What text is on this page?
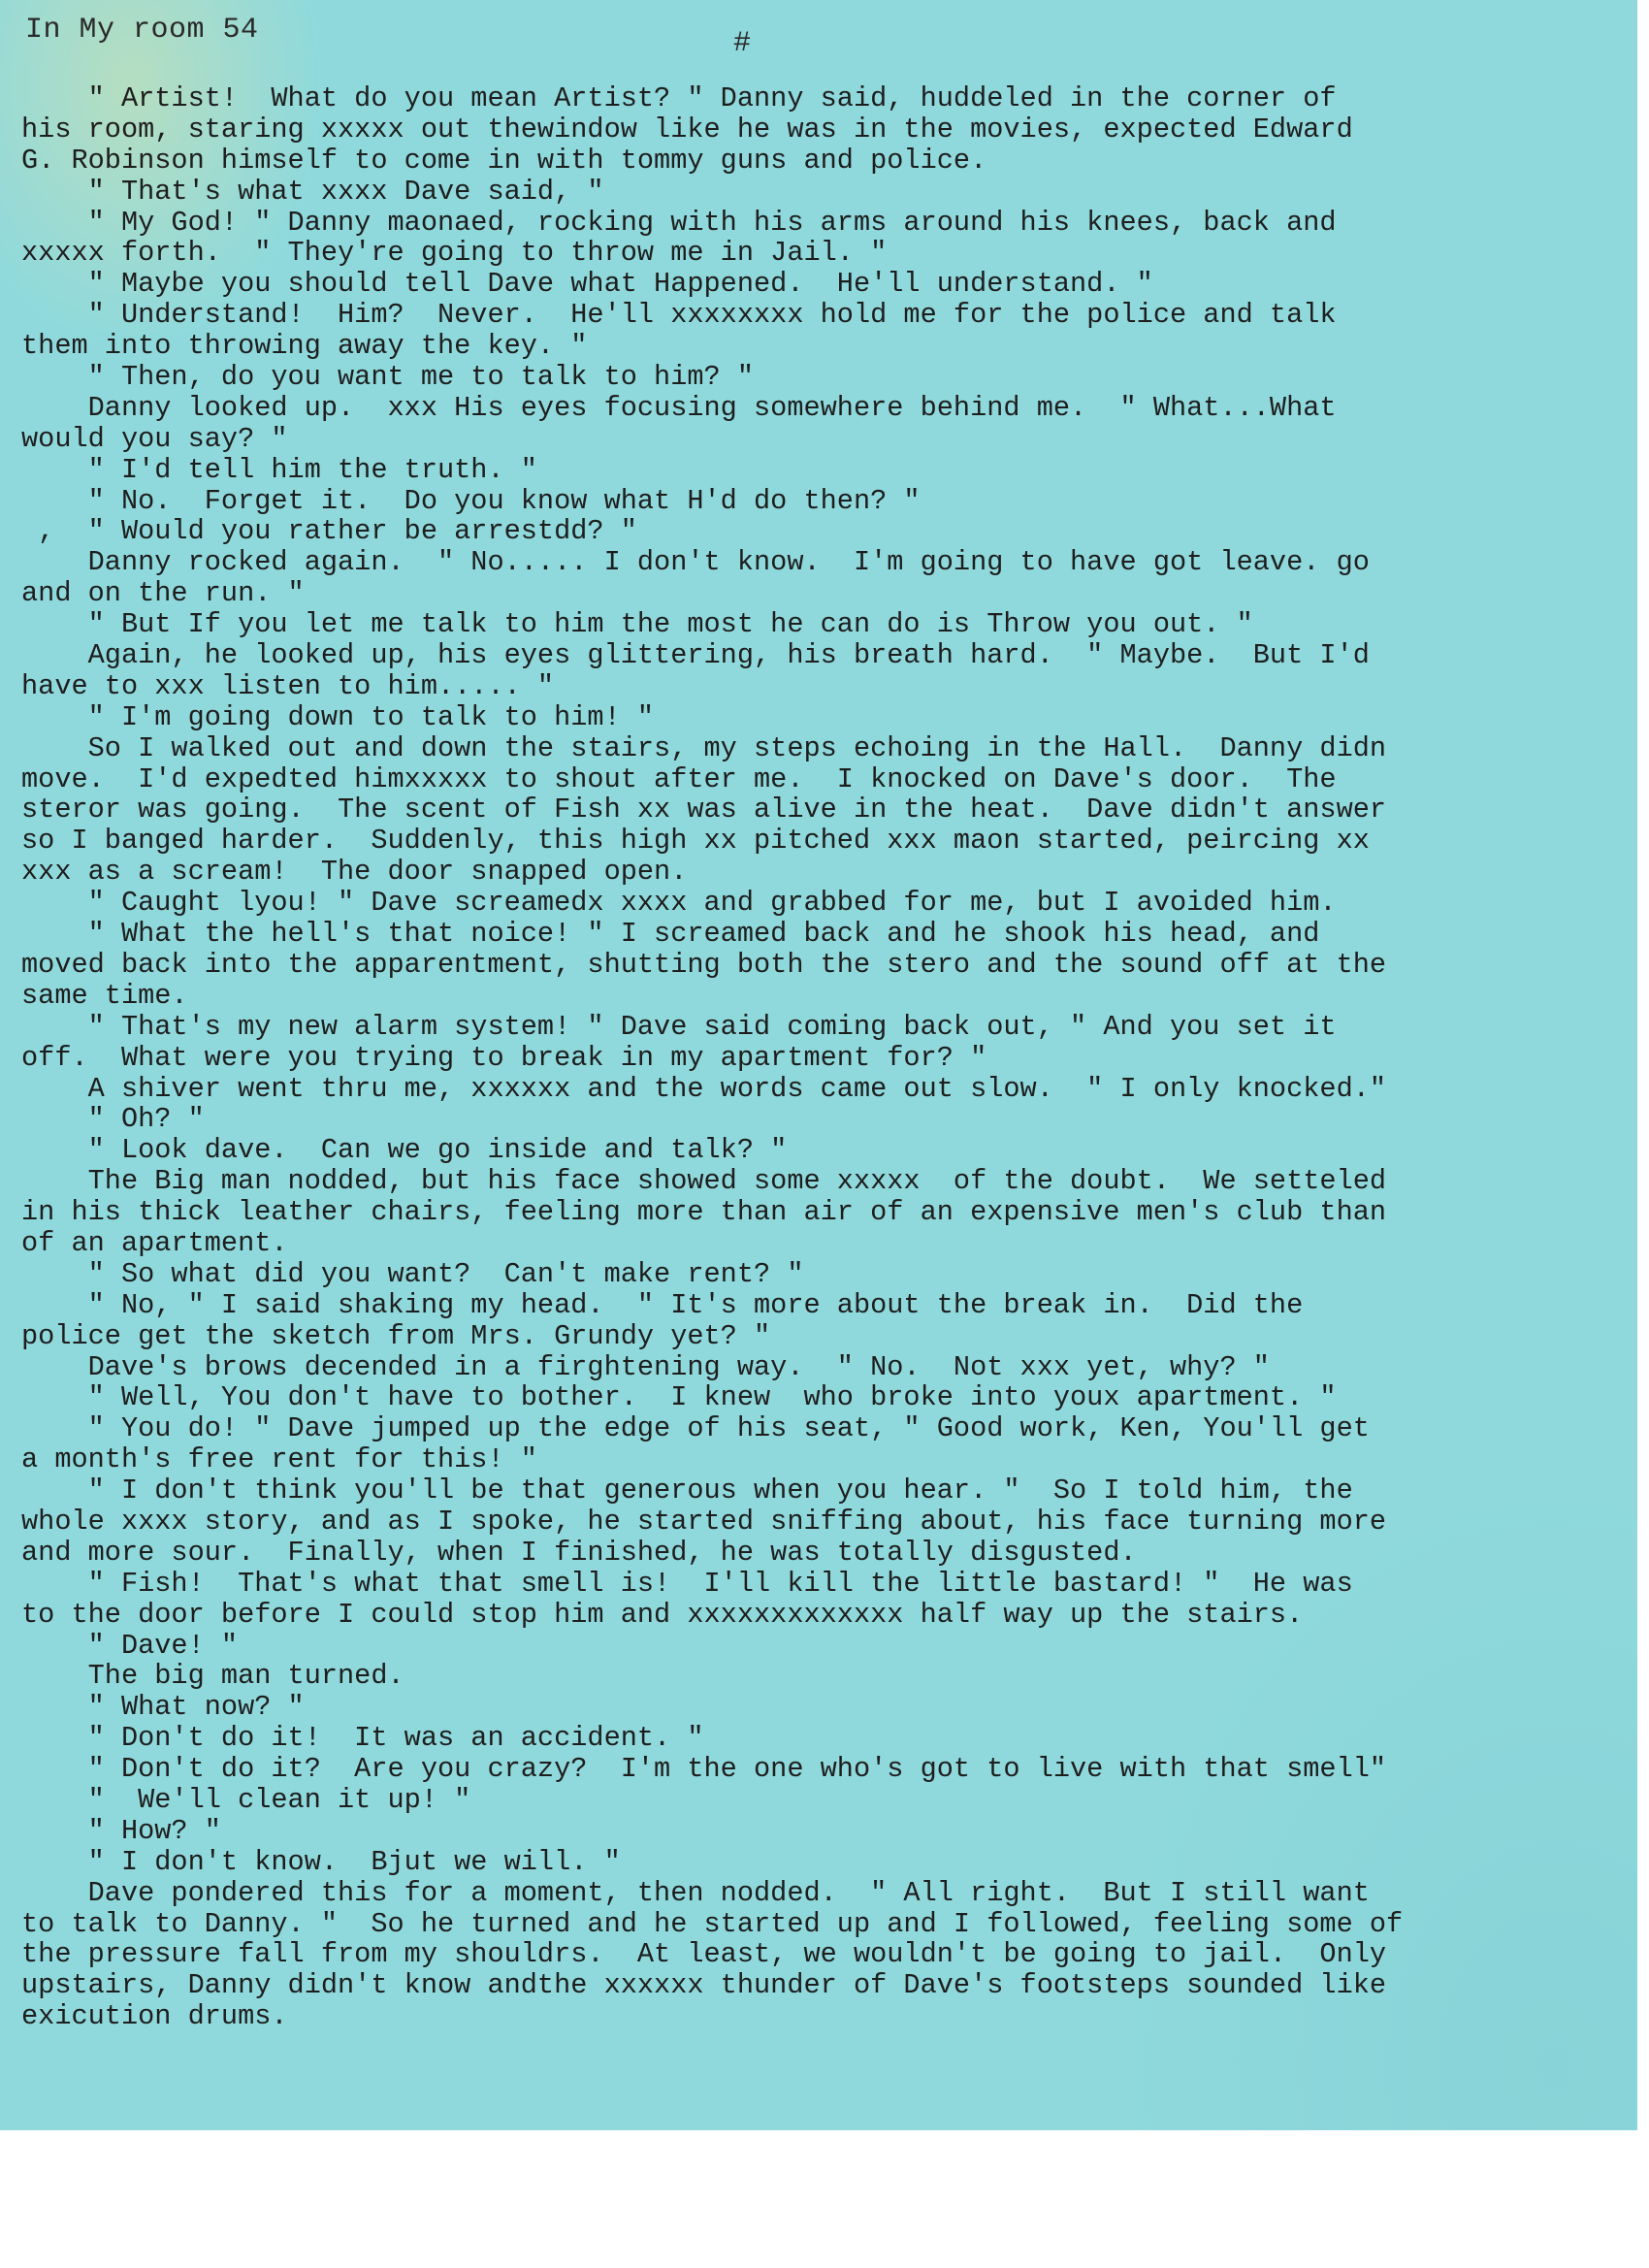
In My room 54	#
" Artist!  What do you mean Artist? " Danny said, huddeled in the corner of
his room, staring xxxxx out thewindow like he was in the movies, expected Edward
G. Robinson himself to come in with tommy guns and police.
" That's what xxxx Dave said, "
" My God! " Danny maonaed, rocking with his arms around his knees, back and
xxxxx forth.  " They're going to throw me in Jail. "
" Maybe you should tell Dave what Happened.  He'll understand. "
" Understand!  Him?  Never.  He'll xxxxxxxx hold me for the police and talk
them into throwing away the key. "
" Then, do you want me to talk to him? "
Danny looked up.  xxx His eyes focusing somewhere behind me.  " What...What
would you say? "
" I'd tell him the truth. "
" No.  Forget it.  Do you know what H'd do then? "
,  " Would you rather be arrestdd? "
Danny rocked again.  " No..... I don't know.  I'm going to have got leave. go
and on the run. "
" But If you let me talk to him the most he can do is Throw you out. "
Again, he looked up, his eyes glittering, his breath hard.  " Maybe.  But I'd
have to xxx listen to him..... "
" I'm going down to talk to him! "
So I walked out and down the stairs, my steps echoing in the Hall.  Danny didn
move.  I'd expedted himxxxxx to shout after me.  I knocked on Dave's door.  The
steror was going.  The scent of Fish xx was alive in the heat.  Dave didn't answer
so I banged harder.  Suddenly, this high xx pitched xxx maon started, peircing xx
xxx as a scream!  The door snapped open.
" Caught lyou! " Dave screamedx xxxx and grabbed for me, but I avoided him.
" What the hell's that noice! " I screamed back and he shook his head, and
moved back into the apparentment, shutting both the stero and the sound off at the
same time.
" That's my new alarm system! " Dave said coming back out, " And you set it
off.  What were you trying to break in my apartment for? "
A shiver went thru me, xxxxxx and the words came out slow.  " I only knocked."
" Oh? "
" Look dave.  Can we go inside and talk? "
The Big man nodded, but his face showed some xxxxx  of the doubt.  We setteled
in his thick leather chairs, feeling more than air of an expensive men's club than
of an apartment.
" So what did you want?  Can't make rent? "
" No, " I said shaking my head.  " It's more about the break in.  Did the
police get the sketch from Mrs. Grundy yet? "
Dave's brows decended in a firghtening way.  " No.  Not xxx yet, why? "
" Well, You don't have to bother.  I knew  who broke into youx apartment. "
" You do! " Dave jumped up the edge of his seat, " Good work, Ken, You'll get
a month's free rent for this! "
" I don't think you'll be that generous when you hear. "  So I told him, the
whole xxxx story, and as I spoke, he started sniffing about, his face turning more
and more sour.  Finally, when I finished, he was totally disgusted.
" Fish!  That's what that smell is!  I'll kill the little bastard! "  He was
to the door before I could stop him and xxxxxxxxxxxxx half way up the stairs.
" Dave! "
The big man turned.
" What now? "
" Don't do it!  It was an accident. "
" Don't do it?  Are you crazy?  I'm the one who's got to live with that smell"
"  We'll clean it up! "
" How? "
" I don't know.  Bjut we will. "
Dave pondered this for a moment, then nodded.  " All right.  But I still want
to talk to Danny. "  So he turned and he started up and I followed, feeling some of
the pressure fall from my shouldrs.  At least, we wouldn't be going to jail.  Only
upstairs, Danny didn't know andthe xxxxxx thunder of Dave's footsteps sounded like
exicution drums.
